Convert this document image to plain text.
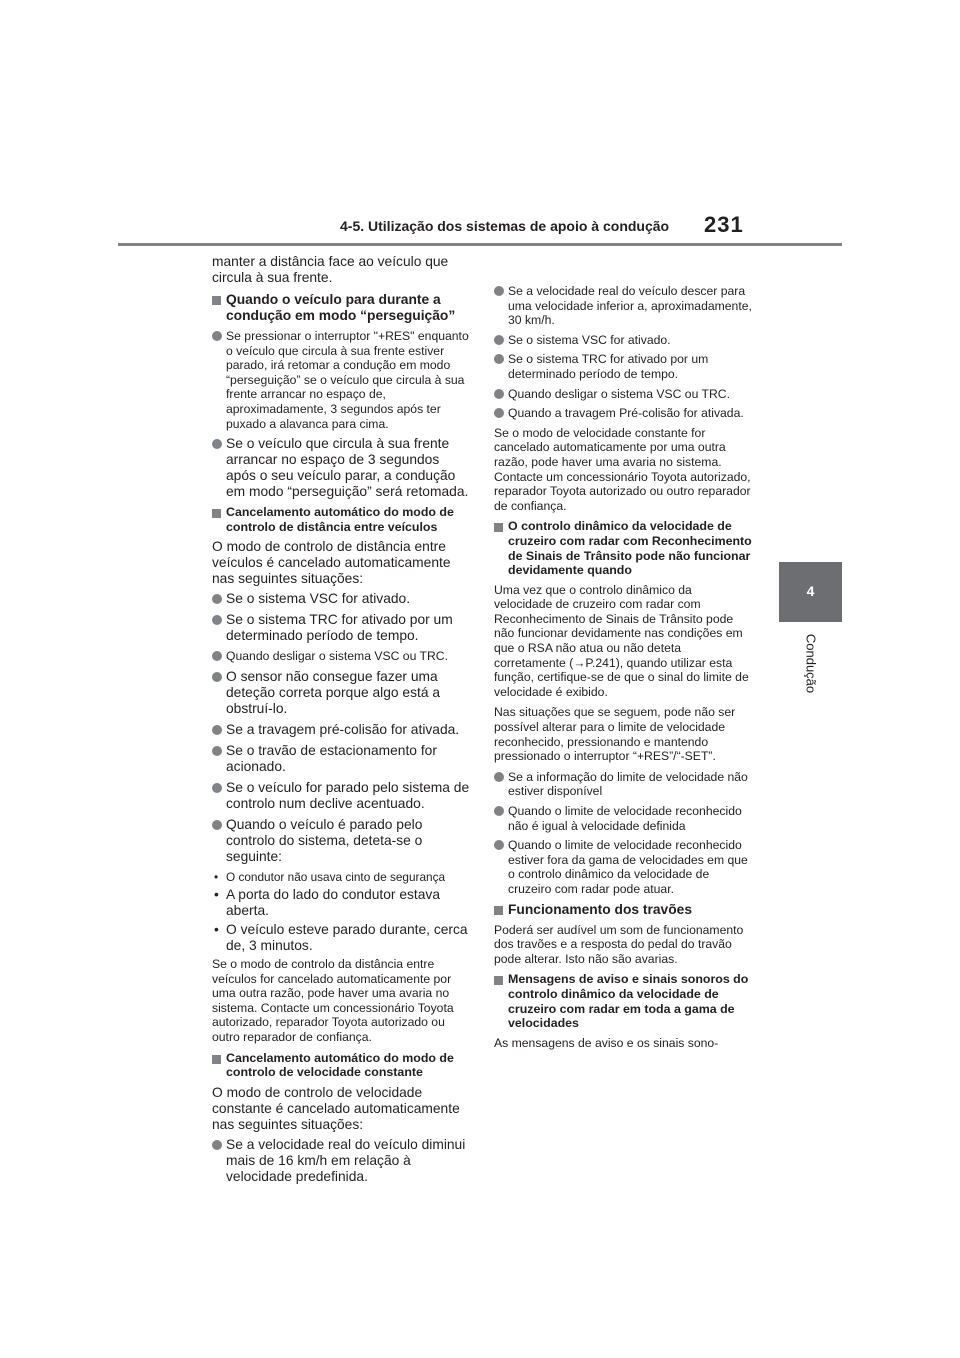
4-5. Utilização dos sistemas de apoio à condução 231
4
Condução
manter a distância face ao veículo que circula à sua frente.
Quando o veículo para durante a condução em modo “perseguição”
Se pressionar o interruptor "+RES" enquanto o veículo que circula à sua frente estiver parado, irá retomar a condução em modo “perseguição” se o veículo que circula à sua frente arrancar no espaço de, aproximadamente, 3 segundos após ter puxado a alavanca para cima.
Se o veículo que circula à sua frente arrancar no espaço de 3 segundos após o seu veículo parar, a condução em modo “perseguição” será retomada.
Cancelamento automático do modo de controlo de distância entre veículos
O modo de controlo de distância entre veículos é cancelado automaticamente nas seguintes situações:
Se o sistema VSC for ativado.
Se o sistema TRC for ativado por um determinado período de tempo.
Quando desligar o sistema VSC ou TRC.
O sensor não consegue fazer uma deteção correta porque algo está a obstruí-lo.
Se a travagem pré-colisão for ativada.
Se o travão de estacionamento for acionado.
Se o veículo for parado pelo sistema de controlo num declive acentuado.
Quando o veículo é parado pelo controlo do sistema, deteta-se o seguinte:
• O condutor não usava cinto de segurança
• A porta do lado do condutor estava aberta.
• O veículo esteve parado durante, cerca de, 3 minutos.
Se o modo de controlo da distância entre veículos for cancelado automaticamente por uma outra razão, pode haver uma avaria no sistema. Contacte um concessionário Toyota autorizado, reparador Toyota autorizado ou outro reparador de confiança.
Cancelamento automático do modo de controlo de velocidade constante
O modo de controlo de velocidade constante é cancelado automaticamente nas seguintes situações:
Se a velocidade real do veículo diminui mais de 16 km/h em relação à velocidade predefinida.
Se a velocidade real do veículo descer para uma velocidade inferior a, aproximadamente, 30 km/h.
Se o sistema VSC for ativado.
Se o sistema TRC for ativado por um determinado período de tempo.
Quando desligar o sistema VSC ou TRC.
Quando a travagem Pré-colisão for ativada.
Se o modo de velocidade constante for cancelado automaticamente por uma outra razão, pode haver uma avaria no sistema. Contacte um concessionário Toyota autorizado, reparador Toyota autorizado ou outro reparador de confiança.
O controlo dinâmico da velocidade de cruzeiro com radar com Reconhecimento de Sinais de Trânsito pode não funcionar devidamente quando
Uma vez que o controlo dinâmico da velocidade de cruzeiro com radar com Reconhecimento de Sinais de Trânsito pode não funcionar devidamente nas condições em que o RSA não atua ou não deteta corretamente (→P.241), quando utilizar esta função, certifique-se de que o sinal do limite de velocidade é exibido.
Nas situações que se seguem, pode não ser possível alterar para o limite de velocidade reconhecido, pressionando e mantendo pressionado o interruptor “+RES”/“-SET”.
Se a informação do limite de velocidade não estiver disponível
Quando o limite de velocidade reconhecido não é igual à velocidade definida
Quando o limite de velocidade reconhecido estiver fora da gama de velocidades em que o controlo dinâmico da velocidade de cruzeiro com radar pode atuar.
Funcionamento dos travões
Poderá ser audível um som de funcionamento dos travões e a resposta do pedal do travão pode alterar. Isto não são avarias.
Mensagens de aviso e sinais sonoros do controlo dinâmico da velocidade de cruzeiro com radar em toda a gama de velocidades
As mensagens de aviso e os sinais sono-
